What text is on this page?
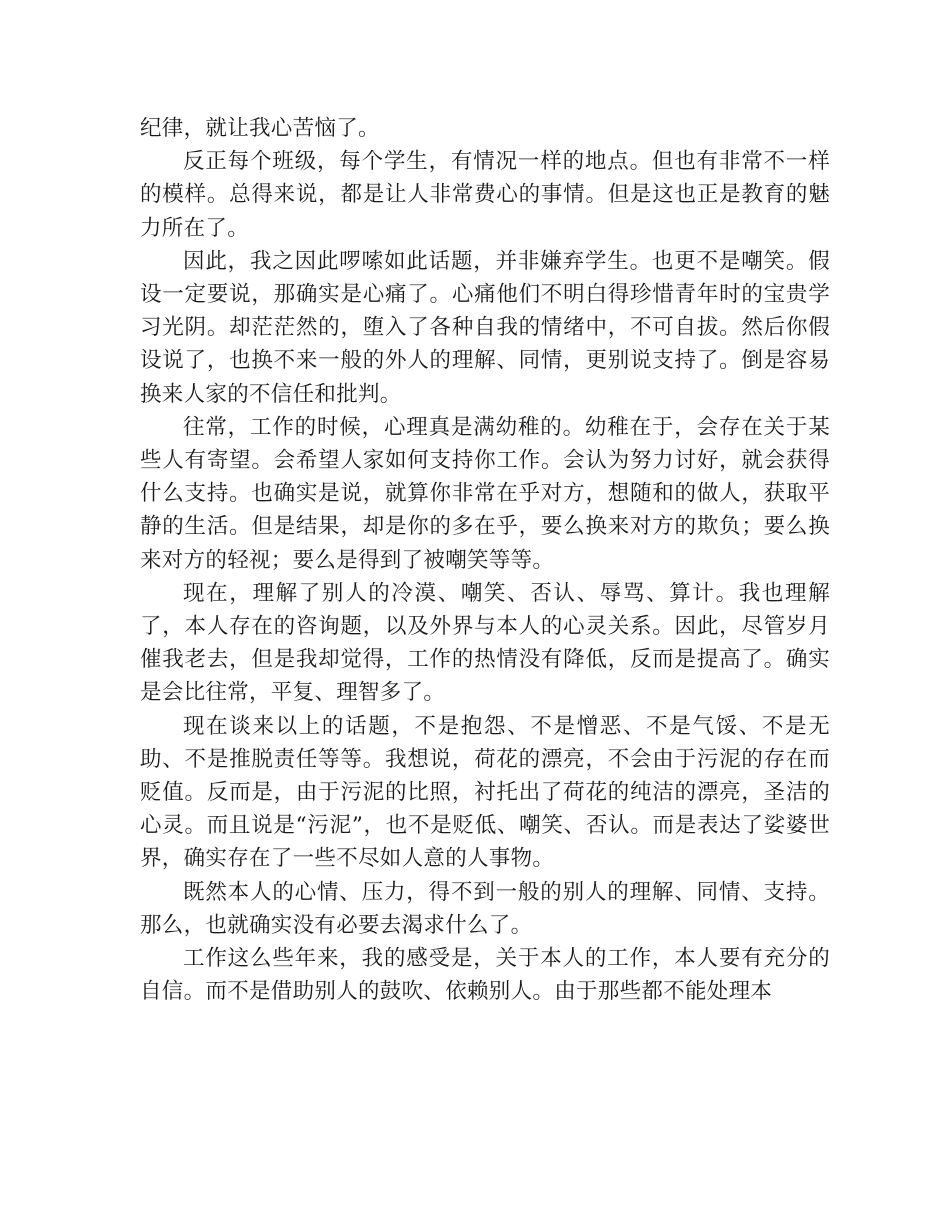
纪律，就让我心苦恼了。

反正每个班级，每个学生，有情况一样的地点。但也有非常不一样的模样。总得来说，都是让人非常费心的事情。但是这也正是教育的魅力所在了。

因此，我之因此啰嗦如此话题，并非嫌弃学生。也更不是嘲笑。假设一定要说，那确实是心痛了。心痛他们不明白得珍惜青年时的宝贵学习光阴。却茫茫然的，堕入了各种自我的情绪中，不可自拔。然后你假设说了，也换不来一般的外人的理解、同情，更别说支持了。倒是容易换来人家的不信任和批判。

往常，工作的时候，心理真是满幼稚的。幼稚在于，会存在关于某些人有寄望。会希望人家如何支持你工作。会认为努力讨好，就会获得什么支持。也确实是说，就算你非常在乎对方，想随和的做人，获取平静的生活。但是结果，却是你的多在乎，要么换来对方的欺负；要么换来对方的轻视；要么是得到了被嘲笑等等。

现在，理解了别人的冷漠、嘲笑、否认、辱骂、算计。我也理解了，本人存在的咨询题，以及外界与本人的心灵关系。因此，尽管岁月催我老去，但是我却觉得，工作的热情没有降低，反而是提高了。确实是会比往常，平复、理智多了。

现在谈来以上的话题，不是抱怨、不是憎恶、不是气馁、不是无助、不是推脱责任等等。我想说，荷花的漂亮，不会由于污泥的存在而贬值。反而是，由于污泥的比照，衬托出了荷花的纯洁的漂亮，圣洁的心灵。而且说是“污泥”，也不是贬低、嘲笑、否认。而是表达了娑婆世界，确实存在了一些不尽如人意的人事物。

既然本人的心情、压力，得不到一般的别人的理解、同情、支持。那么，也就确实没有必要去渴求什么了。

工作这么些年来，我的感受是，关于本人的工作，本人要有充分的自信。而不是借助别人的鼓吹、依赖别人。由于那些都不能处理本
